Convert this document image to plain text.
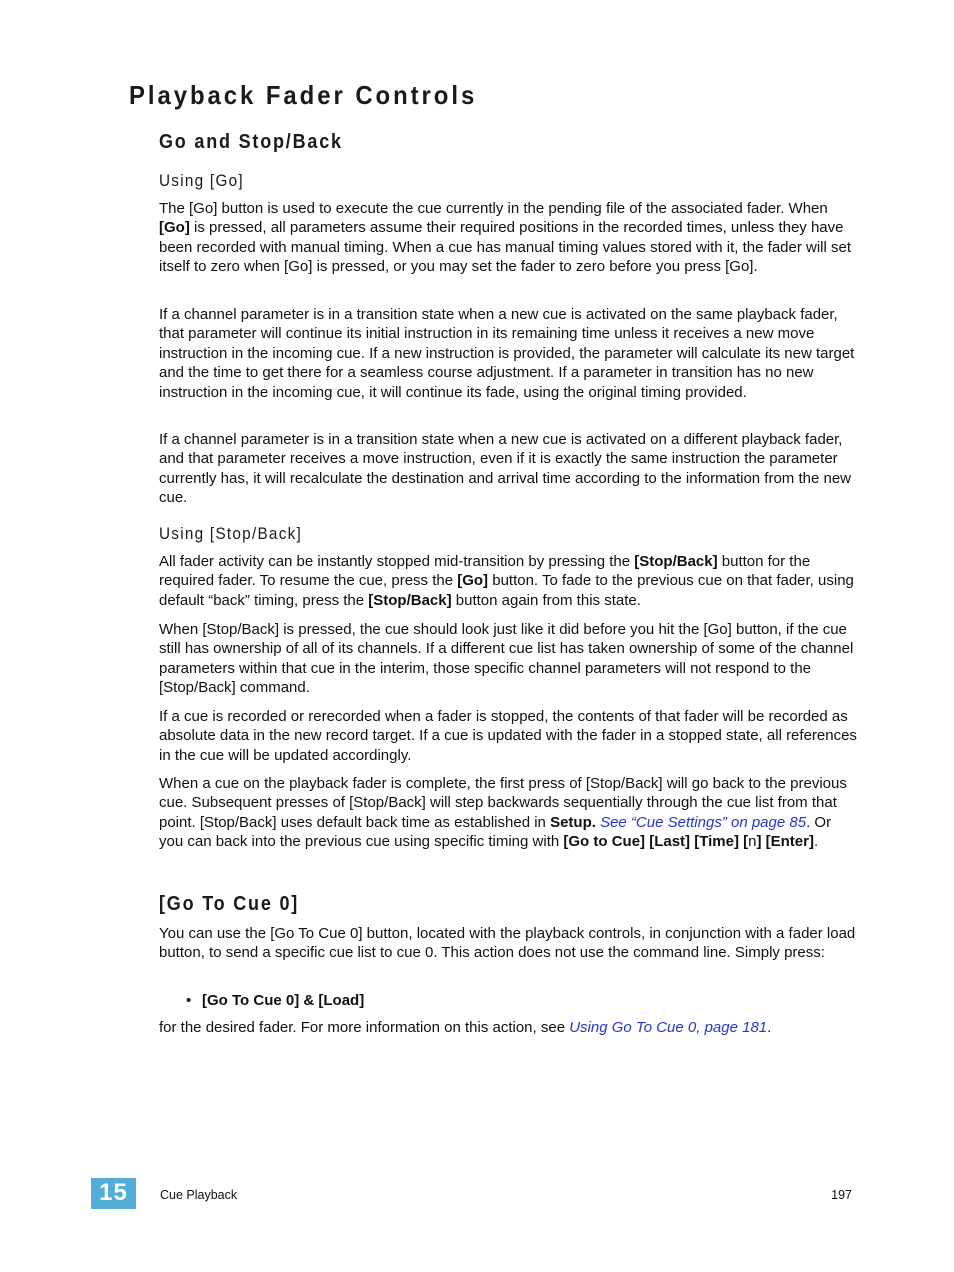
Playback Fader Controls
Go and Stop/Back
Using [Go]

The [Go] button is used to execute the cue currently in the pending file of the associated fader. When [Go] is pressed, all parameters assume their required positions in the recorded times, unless they have been recorded with manual timing. When a cue has manual timing values stored with it, the fader will set itself to zero when [Go] is pressed, or you may set the fader to zero before you press [Go].

If a channel parameter is in a transition state when a new cue is activated on the same playback fader, that parameter will continue its initial instruction in its remaining time unless it receives a new move instruction in the incoming cue. If a new instruction is provided, the parameter will calculate its new target and the time to get there for a seamless course adjustment. If a parameter in transition has no new instruction in the incoming cue, it will continue its fade, using the original timing provided.

If a channel parameter is in a transition state when a new cue is activated on a different playback fader, and that parameter receives a move instruction, even if it is exactly the same instruction the parameter currently has, it will recalculate the destination and arrival time according to the information from the new cue.

Using [Stop/Back]

All fader activity can be instantly stopped mid-transition by pressing the [Stop/Back] button for the required fader. To resume the cue, press the [Go] button. To fade to the previous cue on that fader, using default “back” timing, press the [Stop/Back] button again from this state.

When [Stop/Back] is pressed, the cue should look just like it did before you hit the [Go] button, if the cue still has ownership of all of its channels. If a different cue list has taken ownership of some of the channel parameters within that cue in the interim, those specific channel parameters will not respond to the [Stop/Back] command.

If a cue is recorded or rerecorded when a fader is stopped, the contents of that fader will be recorded as absolute data in the new record target. If a cue is updated with the fader in a stopped state, all references in the cue will be updated accordingly.

When a cue on the playback fader is complete, the first press of [Stop/Back] will go back to the previous cue. Subsequent presses of [Stop/Back] will step backwards sequentially through the cue list from that point. [Stop/Back] uses default back time as established in Setup. See “Cue Settings” on page 85. Or you can back into the previous cue using specific timing with [Go to Cue] [Last] [Time] [n] [Enter].

[Go To Cue 0]

You can use the [Go To Cue 0] button, located with the playback controls, in conjunction with a fader load button, to send a specific cue list to cue 0. This action does not use the command line. Simply press:

• [Go To Cue 0] & [Load]

for the desired fader. For more information on this action, see Using Go To Cue 0, page 181.

15	Cue Playback	197
